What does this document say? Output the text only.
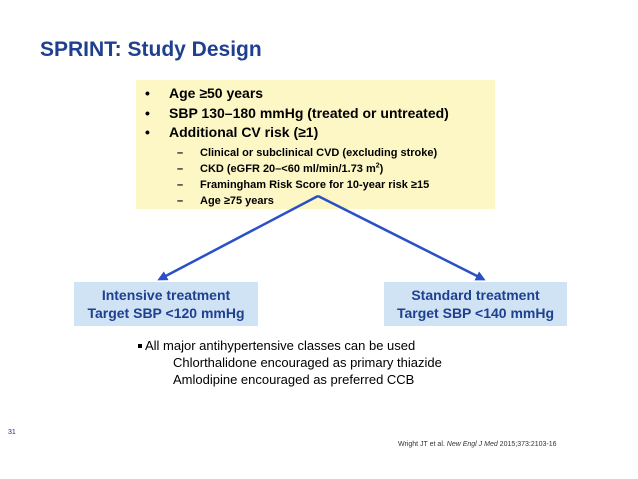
SPRINT: Study Design
• Age ≥50 years
• SBP 130–180 mmHg (treated or untreated)
• Additional CV risk (≥1)
– Clinical or subclinical CVD (excluding stroke)
– CKD (eGFR 20–<60 ml/min/1.73 $m^2$)
– Framingham Risk Score for 10-year risk ≥15
– Age ≥75 years
Intensive treatment
Target SBP <120 mmHg
Standard treatment
Target SBP <140 mmHg
All major antihypertensive classes can be used
Chlorthalidone encouraged as primary thiazide
Amlodipine encouraged as preferred CCB
31
Wright JT et al. New Engl J Med 2015;373:2103-16
